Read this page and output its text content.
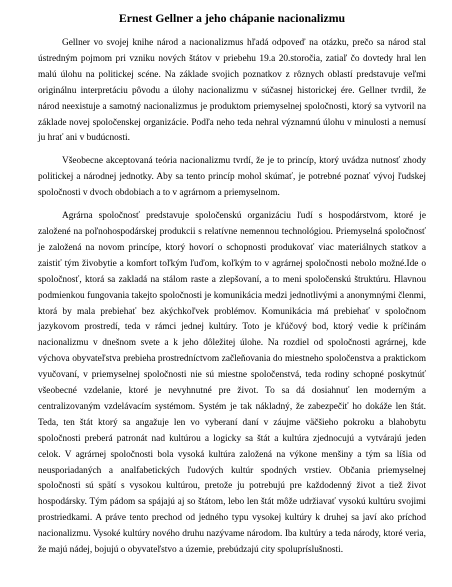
Ernest Gellner a jeho chápanie nacionalizmu

Gellner vo svojej knihe národ a nacionalizmus hľadá odpoveď na otázku, prečo sa národ stal ústredným pojmom pri vzniku nových štátov v priebehu 19.a 20.storočia, zatiaľ čo dovtedy hral len malú úlohu na politickej scéne. Na základe svojich poznatkov z rôznych oblastí predstavuje veľmi originálnu interpretáciu pôvodu a úlohy nacionalizmu v súčasnej historickej ére. Gellner tvrdil, že národ neexistuje a samotný nacionalizmus je produktom priemyselnej spoločnosti, ktorý sa vytvoril na základe novej spoločenskej organizácie. Podľa neho teda nehral významnú úlohu v minulosti a nemusí ju hrať ani v budúcnosti.

Všeobecne akceptovaná teória nacionalizmu tvrdí, že je to princíp, ktorý uvádza nutnosť zhody politickej a národnej jednotky. Aby sa tento princíp mohol skúmať, je potrebné poznať vývoj ľudskej spoločnosti v dvoch obdobiach a to v agrárnom a priemyselnom.

Agrárna spoločnosť predstavuje spoločenskú organizáciu ľudí s hospodárstvom, ktoré je založené na poľnohospodárskej produkcii s relatívne nemennou technológiou. Priemyselná spoločnosť je založená na novom princípe, ktorý hovorí o schopnosti produkovať viac materiálnych statkov a zaistiť tým živobytie a komfort toľkým ľuďom, koľkým to v agrárnej spoločnosti nebolo možné.Ide o spoločnosť, ktorá sa zakladá na stálom raste a zlepšovaní, a to meni spoločenskú štruktúru. Hlavnou podmienkou fungovania takejto spoločnosti je komunikácia medzi jednotlivými a anonymnými členmi, ktorá by mala prebiehať bez akýchkoľvek problémov. Komunikácia má prebiehať v spoločnom jazykovom prostredí, teda v rámci jednej kultúry. Toto je kľúčový bod, ktorý vedie k príčinám nacionalizmu v dnešnom svete a k jeho dôležitej úlohe. Na rozdiel od spoločnosti agrárnej, kde výchova obyvateľstva prebieha prostredníctvom začleňovania do miestneho spoločenstva a praktickom vyučovaní, v priemyselnej spoločnosti nie sú miestne spoločenstvá, teda rodiny schopné poskytnúť všeobecné vzdelanie, ktoré je nevyhnutné pre život. To sa dá dosiahnuť len moderným a centralizovaným vzdelávacím systémom. Systém je tak nákladný, že zabezpečiť ho dokáže len štát. Teda, ten štát ktorý sa angažuje len vo vyberaní daní v záujme väčšieho pokroku a blahobytu spoločnosti preberá patronát nad kultúrou a logicky sa štát a kultúra zjednocujú a vytvárajú jeden celok. V agrárnej spoločnosti bola vysoká kultúra založená na výkone menšiny a tým sa líšia od neusporiadaných a analfabetických ľudových kultúr spodných vrstiev. Občania priemyselnej spoločnosti sú spätí s vysokou kultúrou, pretože ju potrebujú pre každodenný život a tiež život hospodársky. Tým pádom sa spájajú aj so štátom, lebo len štát môže udržiavať vysokú kultúru svojimi prostriedkami. A práve tento prechod od jedného typu vysokej kultúry k druhej sa javí ako príchod nacionalizmu. Vysoké kultúry nového druhu nazývame národom. Iba kultúry a teda národy, ktoré veria, že majú nádej, bojujú o obyvateľstvo a územie, prebúdzajú city spolupríslušnosti.
